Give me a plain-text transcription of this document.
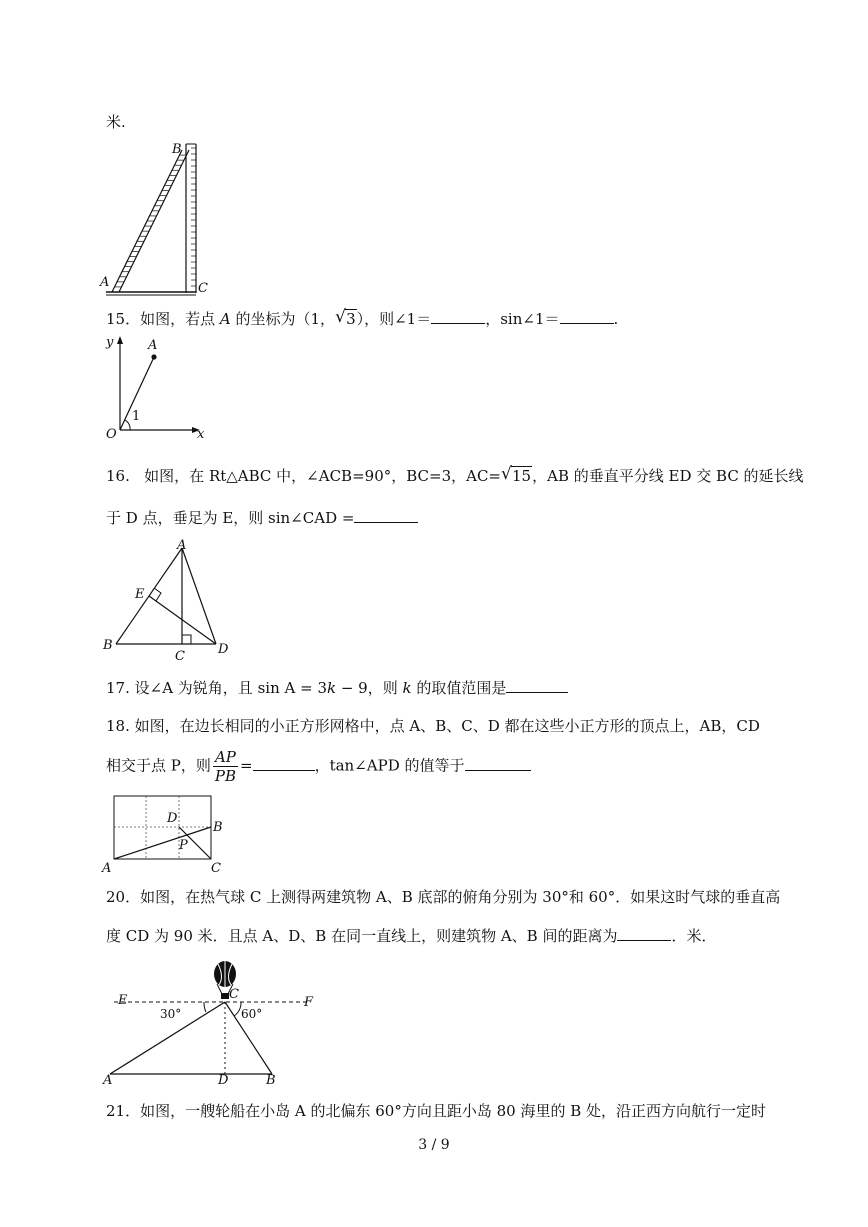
米.
B
A	C
15．如图，若点 A 的坐标为（1， √ 3），则∠1＝	，sin∠1＝	.
y	A
O	x
1
16. 如图，在 Rt△ABC 中，∠ACB=90°，BC=3，AC= √ 15，AB 的垂直平分线 ED 交 BC 的延长线
于 D 点，垂足为 E，则 sin∠CAD =
A
E
B
C	D
17. 设∠A 为锐角，且 sin A = 3k − 9，则 k 的取值范围是
18. 如图，在边长相同的小正方形网格中，点 A、B、C、D 都在这些小正方形的顶点上，AB，CD
相交于点 P，则 $\frac{AP}{PB}$ =	，tan∠APD 的值等于
D
B
P
A	C
20．如图，在热气球 C 上测得两建筑物 A、B 底部的俯角分别为 30°和 60°．如果这时气球的垂直高
度 CD 为 90 米．且点 A、D、B 在同一直线上，则建筑物 A、B 间的距离为	．米．
E	C
F
30°	60°
A	D	B
21．如图，一艘轮船在小岛 A 的北偏东 60°方向且距小岛 80 海里的 B 处，沿正西方向航行一定时
3 / 9
